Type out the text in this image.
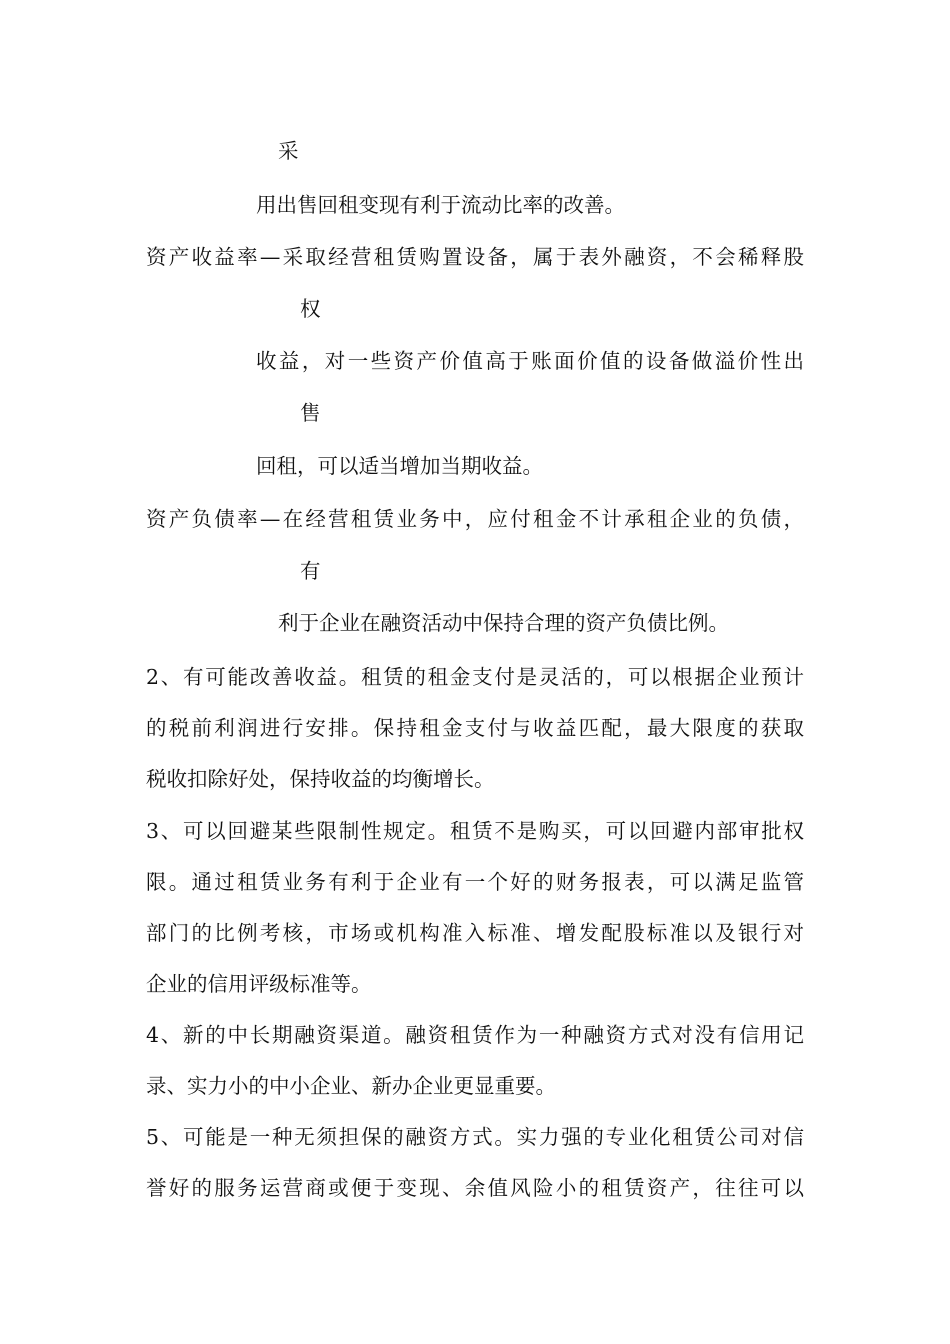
采
用出售回租变现有利于流动比率的改善。
资产收益率—采取经营租赁购置设备，属于表外融资，不会稀释股
权
收益，对一些资产价值高于账面价值的设备做溢价性出
售
回租，可以适当增加当期收益。
资产负债率—在经营租赁业务中，应付租金不计承租企业的负债，
有
利于企业在融资活动中保持合理的资产负债比例。
2、有可能改善收益。租赁的租金支付是灵活的，可以根据企业预计
的税前利润进行安排。保持租金支付与收益匹配，最大限度的获取
税收扣除好处，保持收益的均衡增长。
3、可以回避某些限制性规定。租赁不是购买，可以回避内部审批权
限。通过租赁业务有利于企业有一个好的财务报表，可以满足监管
部门的比例考核，市场或机构准入标准、增发配股标准以及银行对
企业的信用评级标准等。
4、新的中长期融资渠道。融资租赁作为一种融资方式对没有信用记
录、实力小的中小企业、新办企业更显重要。
5、可能是一种无须担保的融资方式。实力强的专业化租赁公司对信
誉好的服务运营商或便于变现、余值风险小的租赁资产，往往可以
